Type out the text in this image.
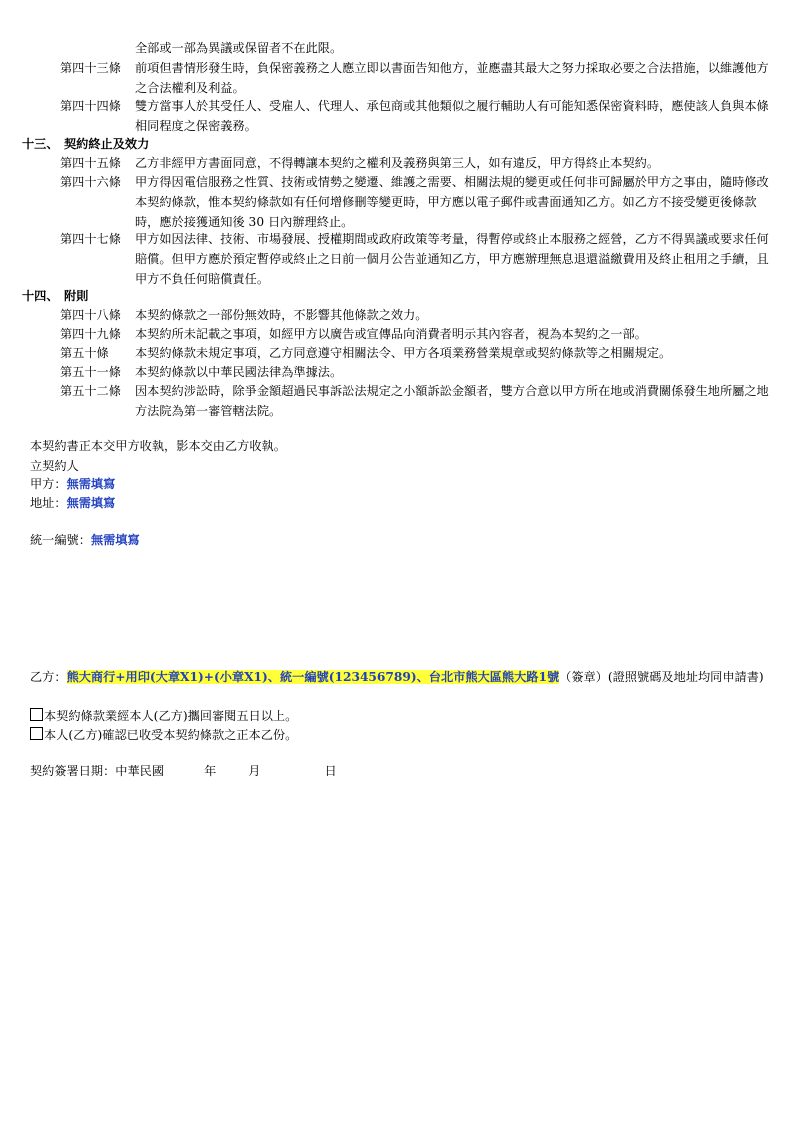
全部或一部為異議或保留者不在此限。
第四十三條	前項但書情形發生時，負保密義務之人應立即以書面告知他方，並應盡其最大之努力採取必要之合法措施，以維護他方之合法權利及利益。
第四十四條	雙方當事人於其受任人、受雇人、代理人、承包商或其他類似之履行輔助人有可能知悉保密資料時，應使該人負與本條相同程度之保密義務。
十三、 契約終止及效力
第四十五條	乙方非經甲方書面同意，不得轉讓本契約之權利及義務與第三人，如有違反，甲方得終止本契約。
第四十六條	甲方得因電信服務之性質、技術或情勢之變遷、維護之需要、相關法規的變更或任何非可歸屬於甲方之事由，隨時修改本契約條款，惟本契約條款如有任何增修刪等變更時，甲方應以電子郵件或書面通知乙方。如乙方不接受變更後條款時，應於接獲通知後 30 日內辦理終止。
第四十七條	甲方如因法律、技術、市場發展、授權期間或政府政策等考量，得暫停或終止本服務之經營，乙方不得異議或要求任何賠償。但甲方應於預定暫停或終止之日前一個月公告並通知乙方，甲方應辦理無息退還溢繳費用及終止租用之手續，且甲方不負任何賠償責任。
十四、 附則
第四十八條	本契約條款之一部份無效時，不影響其他條款之效力。
第四十九條	本契約所未記載之事項，如經甲方以廣告或宣傳品向消費者明示其內容者，視為本契約之一部。
第五十條	本契約條款未規定事項，乙方同意遵守相關法令、甲方各項業務營業規章或契約條款等之相關規定。
第五十一條	本契約條款以中華民國法律為準據法。
第五十二條	因本契約涉訟時，除爭金額超過民事訴訟法規定之小額訴訟金額者，雙方合意以甲方所在地或消費關係發生地所屬之地方法院為第一審管轄法院。
本契約書正本交甲方收執，影本交由乙方收執。
立契約人
甲方：無需填寫
地址：無需填寫
統一編號：無需填寫
乙方：熊大商行+用印(大章X1)+(小章X1)、統一編號(123456789)、台北市熊大區熊大路1號（簽章）(證照號碼及地址均同申請書)
本契約條款業經本人(乙方)攜回審閱五日以上。
本人(乙方)確認已收受本契約條款之正本乙份。
契約簽署日期：中華民國	年	月	日
